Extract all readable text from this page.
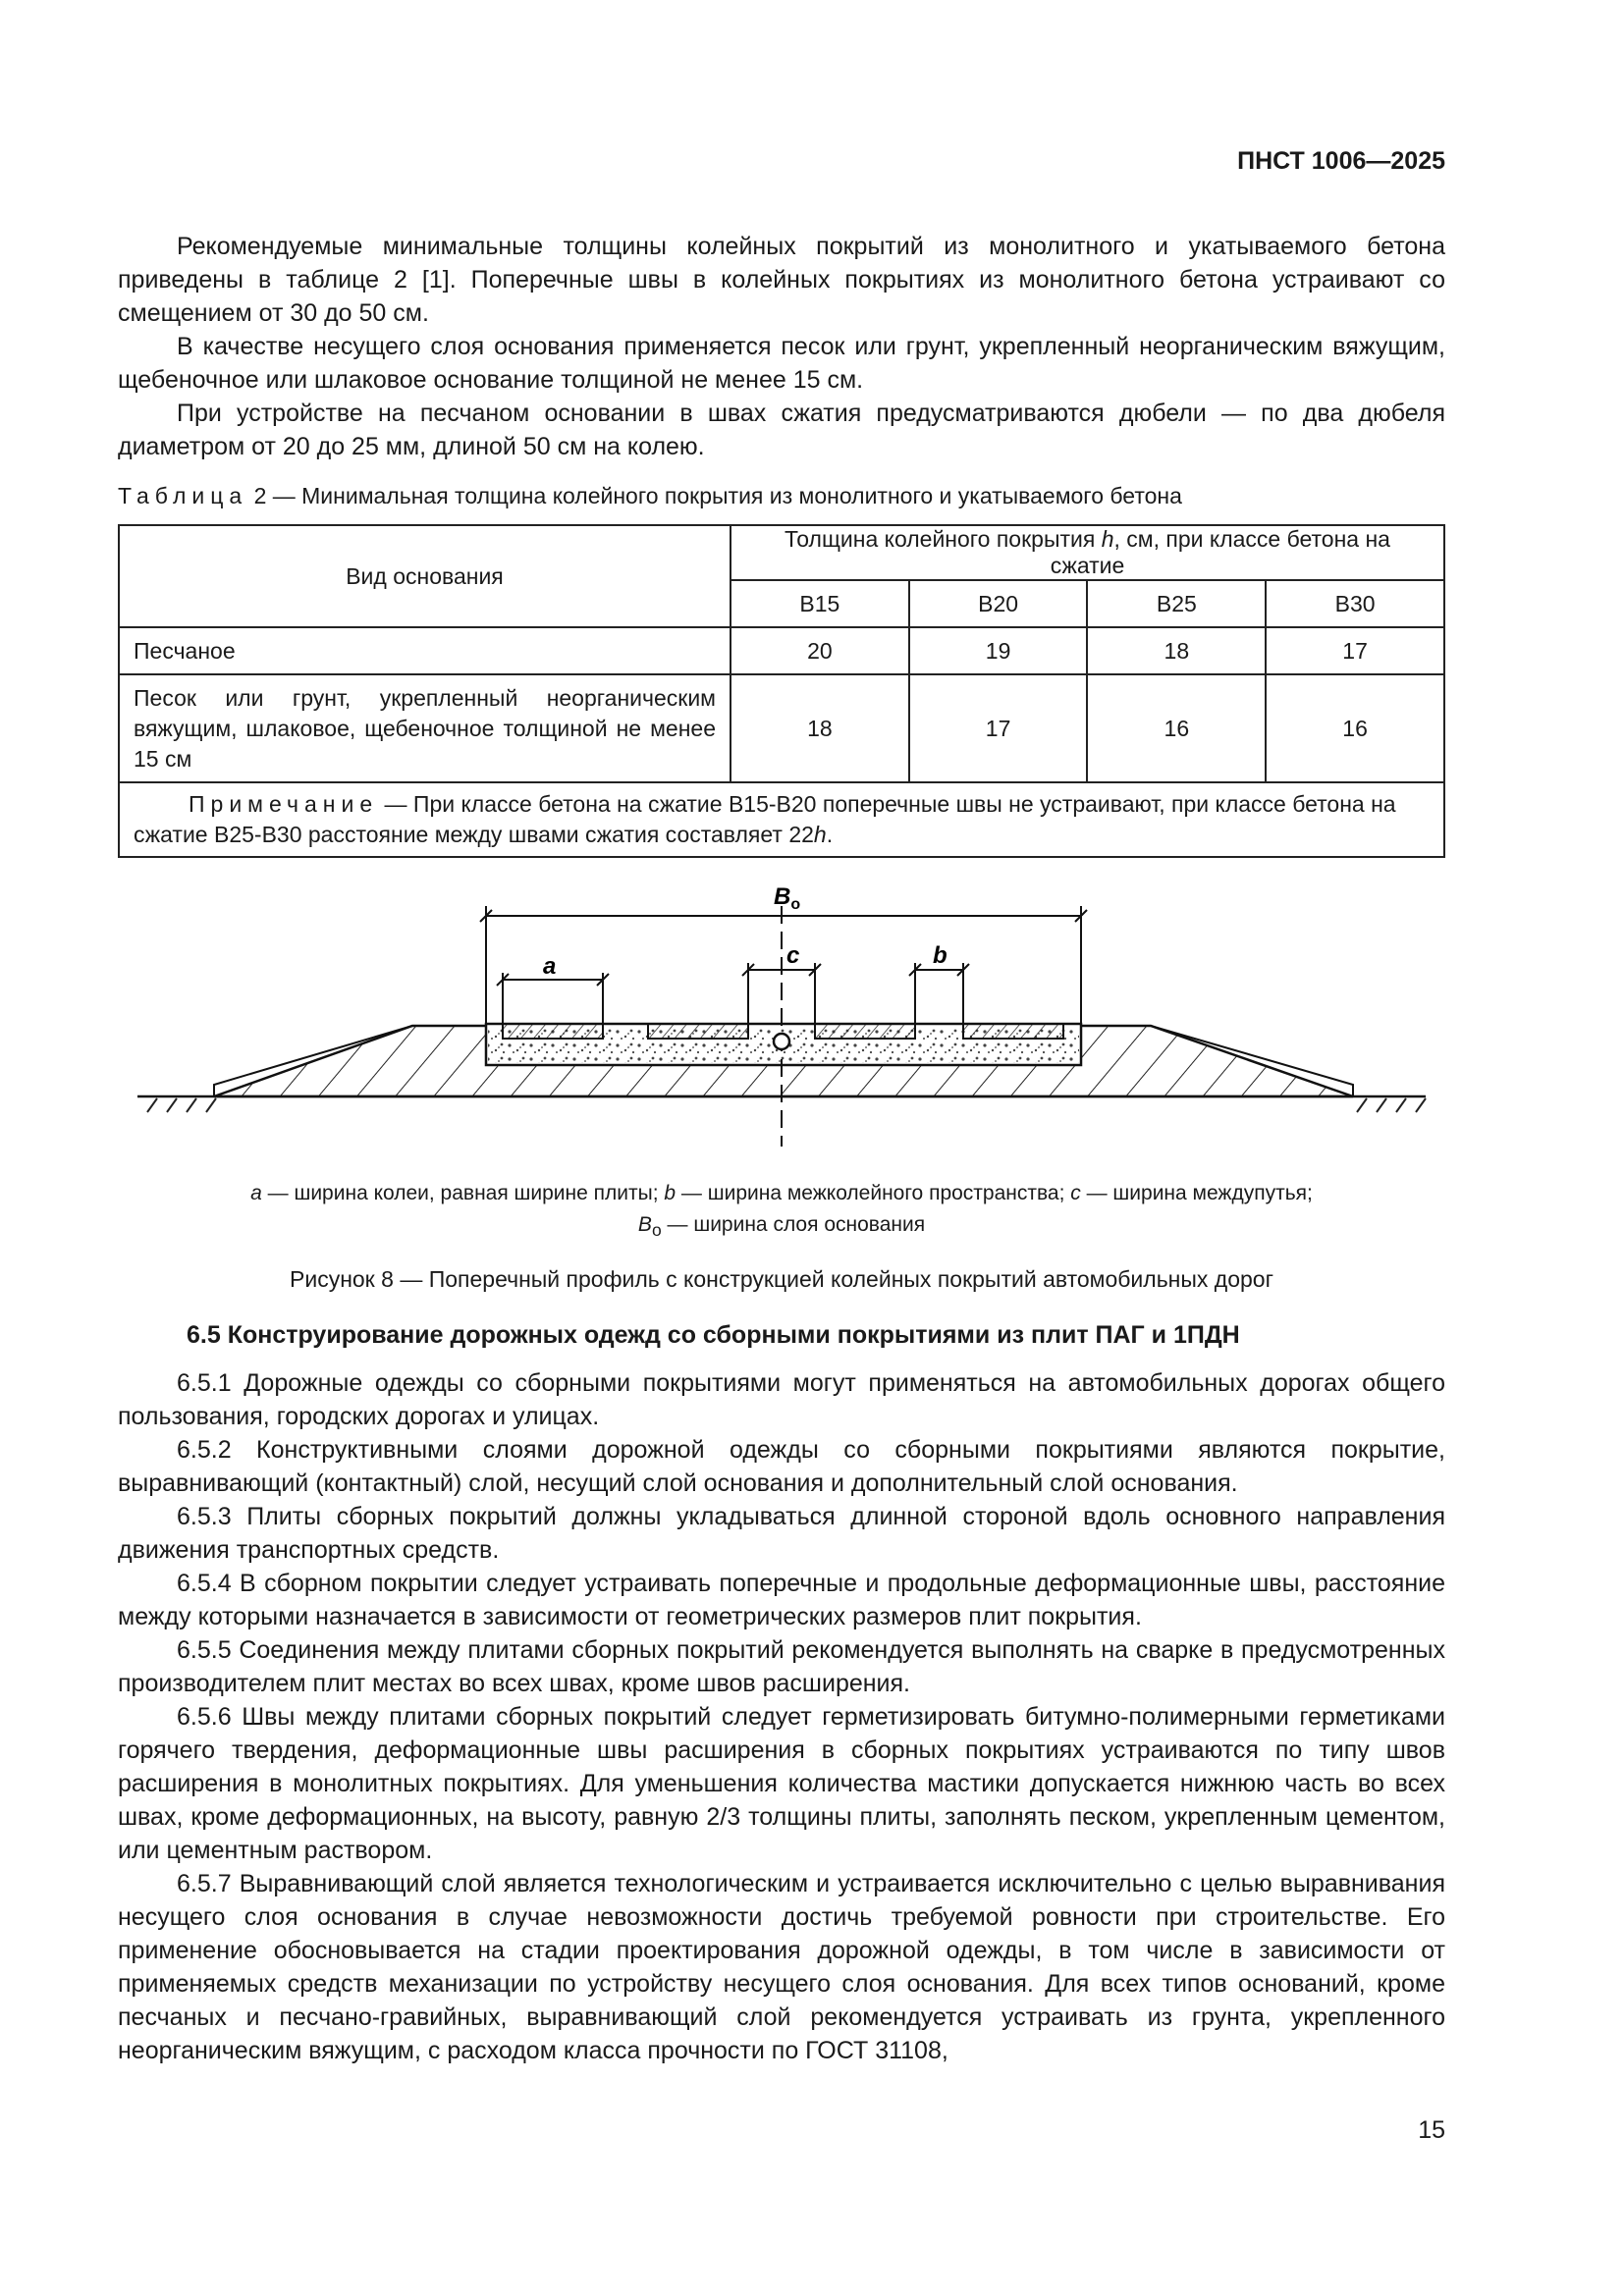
ПНСТ 1006—2025

Рекомендуемые минимальные толщины колейных покрытий из монолитного и укатываемого бетона приведены в таблице 2 [1]. Поперечные швы в колейных покрытиях из монолитного бетона устраивают со смещением от 30 до 50 см.

В качестве несущего слоя основания применяется песок или грунт, укрепленный неорганическим вяжущим, щебеночное или шлаковое основание толщиной не менее 15 см.

При устройстве на песчаном основании в швах сжатия предусматриваются дюбели — по два дюбеля диаметром от 20 до 25 мм, длиной 50 см на колею.

Таблица 2 — Минимальная толщина колейного покрытия из монолитного и укатываемого бетона
Вид основания	Толщина колейного покрытия h, см, при классе бетона на сжатие			
	B15	B20	B25	B30
Песчаное	20	19	18	17
Песок или грунт, укрепленный неорганическим вяжущим, шлаковое, щебеночное толщиной не менее 15 см	18	17	16	16
Примечание — При классе бетона на сжатие B15-B20 поперечные швы не устраивают, при классе бетона на сжатие B25-B30 расстояние между швами сжатия составляет 22h.				
$B_o$
a	c	b
a — ширина колеи, равная ширине плиты; b — ширина межколейного пространства; c — ширина междупутья;
$B_o$ — ширина слоя основания
Рисунок 8 — Поперечный профиль с конструкцией колейных покрытий автомобильных дорог
6.5 Конструирование дорожных одежд со сборными покрытиями из плит ПАГ и 1ПДН

6.5.1 Дорожные одежды со сборными покрытиями могут применяться на автомобильных дорогах общего пользования, городских дорогах и улицах.

6.5.2 Конструктивными слоями дорожной одежды со сборными покрытиями являются покрытие, выравнивающий (контактный) слой, несущий слой основания и дополнительный слой основания.

6.5.3 Плиты сборных покрытий должны укладываться длинной стороной вдоль основного направления движения транспортных средств.

6.5.4 В сборном покрытии следует устраивать поперечные и продольные деформационные швы, расстояние между которыми назначается в зависимости от геометрических размеров плит покрытия.

6.5.5 Соединения между плитами сборных покрытий рекомендуется выполнять на сварке в предусмотренных производителем плит местах во всех швах, кроме швов расширения.

6.5.6 Швы между плитами сборных покрытий следует герметизировать битумно-полимерными герметиками горячего твердения, деформационные швы расширения в сборных покрытиях устраиваются по типу швов расширения в монолитных покрытиях. Для уменьшения количества мастики допускается нижнюю часть во всех швах, кроме деформационных, на высоту, равную 2/3 толщины плиты, заполнять песком, укрепленным цементом, или цементным раствором.

6.5.7 Выравнивающий слой является технологическим и устраивается исключительно с целью выравнивания несущего слоя основания в случае невозможности достичь требуемой ровности при строительстве. Его применение обосновывается на стадии проектирования дорожной одежды, в том числе в зависимости от применяемых средств механизации по устройству несущего слоя основания. Для всех типов оснований, кроме песчаных и песчано-гравийных, выравнивающий слой рекомендуется устраивать из грунта, укрепленного неорганическим вяжущим, с расходом класса прочности по ГОСТ 31108,

15
